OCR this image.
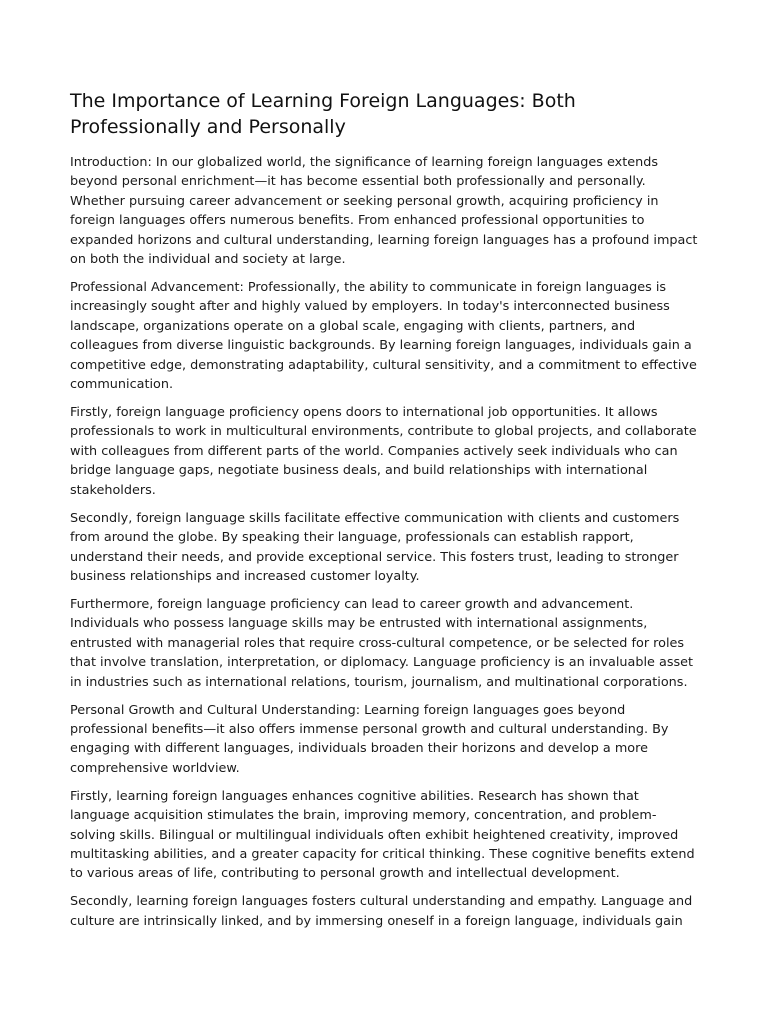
The Importance of Learning Foreign Languages: Both Professionally and Personally

Introduction: In our globalized world, the significance of learning foreign languages extends beyond personal enrichment—it has become essential both professionally and personally. Whether pursuing career advancement or seeking personal growth, acquiring proficiency in foreign languages offers numerous benefits. From enhanced professional opportunities to expanded horizons and cultural understanding, learning foreign languages has a profound impact on both the individual and society at large.

Professional Advancement: Professionally, the ability to communicate in foreign languages is increasingly sought after and highly valued by employers. In today's interconnected business landscape, organizations operate on a global scale, engaging with clients, partners, and colleagues from diverse linguistic backgrounds. By learning foreign languages, individuals gain a competitive edge, demonstrating adaptability, cultural sensitivity, and a commitment to effective communication.

Firstly, foreign language proficiency opens doors to international job opportunities. It allows professionals to work in multicultural environments, contribute to global projects, and collaborate with colleagues from different parts of the world. Companies actively seek individuals who can bridge language gaps, negotiate business deals, and build relationships with international stakeholders.

Secondly, foreign language skills facilitate effective communication with clients and customers from around the globe. By speaking their language, professionals can establish rapport, understand their needs, and provide exceptional service. This fosters trust, leading to stronger business relationships and increased customer loyalty.

Furthermore, foreign language proficiency can lead to career growth and advancement. Individuals who possess language skills may be entrusted with international assignments, entrusted with managerial roles that require cross-cultural competence, or be selected for roles that involve translation, interpretation, or diplomacy. Language proficiency is an invaluable asset in industries such as international relations, tourism, journalism, and multinational corporations.

Personal Growth and Cultural Understanding: Learning foreign languages goes beyond professional benefits—it also offers immense personal growth and cultural understanding. By engaging with different languages, individuals broaden their horizons and develop a more comprehensive worldview.

Firstly, learning foreign languages enhances cognitive abilities. Research has shown that language acquisition stimulates the brain, improving memory, concentration, and problem-solving skills. Bilingual or multilingual individuals often exhibit heightened creativity, improved multitasking abilities, and a greater capacity for critical thinking. These cognitive benefits extend to various areas of life, contributing to personal growth and intellectual development.

Secondly, learning foreign languages fosters cultural understanding and empathy. Language and culture are intrinsically linked, and by immersing oneself in a foreign language, individuals gain
